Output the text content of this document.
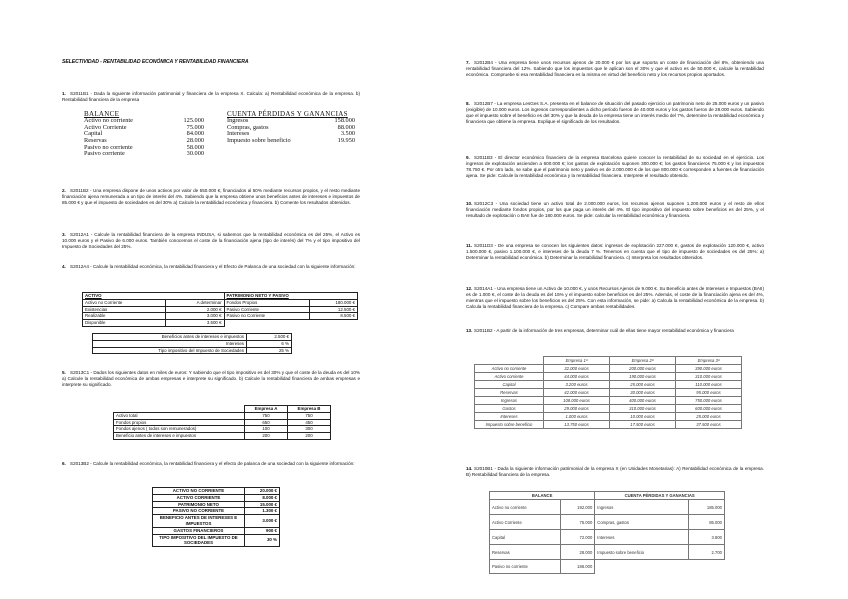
SELECTIVIDAD - RENTABILIDAD ECONÓMICA Y RENTABILIDAD FINANCIERA
1. S2011B1 - Dada la siguiente información patrimonial y financiera de la empresa X. Calcula: a) Rentabilidad económica de la empresa. b) Rentabilidad financiera de la empresa
BALANCE	
Activo no corriente	125.000
Activo Corriente	75.000
Capital	84.000
Reservas	28.000
Pasivo no corriente	58.000
Pasivo corriente	30.000
CUENTA PÉRDIDAS Y GANANCIAS	
Ingresos	158.000
Compras, gastos	88.000
Intereses	3.500
Impuesto sobre beneficio	19.950
2. S2011B2 - Una empresa dispone de unos activos por valor de 550.000 €, financiados al 50% mediante recursos propios, y el resto mediante financiación ajena remunerada a un tipo de interés del 4%. Sabiendo que la empresa obtiene unos beneficios antes de intereses e impuestos de 85.000 € y que el impuesto de sociedades es del 30% a) Calcule la rentabilidad económica y financiera. b) Comente los resultados obtenidos.
3. S2012A1 - Calcule la rentabilidad financiera de la empresa INDUSA, si sabemos que la rentabilidad económica es del 25%, el Activo es 10.000 euros y el Pasivo de 6.000 euros. También conocemos el coste de la financiación ajena (tipo de interés) del 7% y el tipo impositivo del Impuesto de Sociedades del 25%.
4. S2012A4 - Calcule la rentabilidad económica, la rentabilidad financiera y el Efecto de Palanca de una sociedad con la siguiente información:
ACTIVO		PATRIMONIO NETO Y PASIVO	
Activo no Corriente	A determinar	Fondos Propios	180.000 €
Existencias	2.000 €	Pasivo Corriente	12.500 €
Realizable	3.000 €	Pasivo no Corriente	8.500 €
Disponible	3.500 €		
Beneficios antes de intereses e impuestos	2.500 €
Intereses	6 %
Tipo impositivo del Impuesto de Sociedades	25 %
5. S2013C1 - Dados los siguientes datos en miles de euros: Y sabiendo que el tipo impositivo es del 30% y que el coste de la deuda es del 10% a) Calcule la rentabilidad económica de ambas empresas e interprete su significado. b) Calcule la rentabilidad financiera de ambas empresas e interprete su significado.
	Empresa A	Empresa B
Activo total	750	750
Fondos propios	650	450
Fondos ajenos ( todos son remunerados)	100	300
Beneficio antes de intereses e impuestos	200	200
6. S2013B2 - Calcule la rentabilidad económica, la rentabilidad financiera y el efecto de palanca de una sociedad con la siguiente información:
ACTIVO NO CORRIENTE	20.000 €
ACTIVO CORRIENTE	8.000 €
PATRIMONIO NETO	15.000 €
PASIVO NO CORRIENTE	1.300 €
BENEFICIO ANTES DE INTERESES E IMPUESTOS	3.000 €
GASTOS FINANCIEROS	900 €
TIPO IMPOSITIVO DEL IMPUESTO DE SOCIEDADES	30 %
7. S2012B4 - Una empresa tiene unos recursos ajenos de 20.000 € por los que soporta un coste de financiación del 8%, obteniendo una rentabilidad financiera del 12%. Sabiendo que los impuestos que le aplican son el 30% y que el activo es de 50.000 €, calcule la rentabilidad económica. Compruebe si esa rentabilidad financiera es la misma en virtud del beneficio neto y los recursos propios aportados.
8. S2012B7 - La empresa LesGes S.A. presenta en el balance de situación del pasado ejercicio un patrimonio neto de 25.000 euros y un pasivo (exigible) de 10.000 euros. Los ingresos correspondientes a dicho período fueron de 40.000 euros y los gastos fueron de 28.000 euros. Sabiendo que el impuesto sobre el beneficio es del 30% y que la deuda de la empresa tiene un interés medio del 7%, determine la rentabilidad económica y financiera que obtiene la empresa. Explique el significado de los resultados.
9. S2011B3 - El director económico financiero de la empresa Barcelona quiere conocer la rentabilidad de su sociedad en el ejercicio. Los ingresos de explotación ascienden a 600.000 €; los gastos de explotación suponen 300.000 €; los gastos financieros 75.000 € y los impuestos 78.750 €. Por otro lado, se sabe que el patrimonio neto y pasivo es de 2.000.000 € de los que 800.000 € corresponden a fuentes de financiación ajena. Se pide: Calcule la rentabilidad económica y la rentabilidad financiera. Interprete el resultado obtenido.
10. S2012C3 - Una sociedad tiene un activo total de 2.000.000 euros, los recursos ajenos suponen 1.200.000 euros y el resto de ellos financiación mediante fondos propios, por los que paga un interés del 4%. El tipo impositivo del impuesto sobre beneficios es del 25%, y el resultado de explotación o BAII fue de 180.000 euros. Se pide: calcular la rentabilidad económica y financiera.
11. S2011D3 - De una empresa se conocen los siguientes datos: ingresos de explotación 227.000 €, gastos de explotación 120.000 €, activo 1.500.000 €, pasivo 1.100.000 €, e intereses de la deuda 7 %. Tenemos en cuenta que el tipo de impuesto de sociedades es del 25%: a) Determinar la rentabilidad económica. b) Determinar la rentabilidad financiera. c) Interpreta los resultados obtenidos.
12. S2014A1 - Una empresa tiene un Activo de 10.000 €, y unos Recursos Ajenos de 9.000 €. Su Beneficio antes de Intereses e Impuestos (BAII) es de 1.000 €, el coste de la deuda es del 15% y el impuesto sobre beneficios es del 25%. Además, el coste de la financiación ajena es del 4%, mientras que el impuesto sobre los beneficios es del 25%. Con esta información, se pide: a) Calcula la rentabilidad económica de la empresa. b) Calcula la rentabilidad financiera de la empresa. c) Compare ambas rentabilidades.
13. S2011B2 - A partir de la información de tres empresas, determinar cuál de ellas tiene mayor rentabilidad económica y financiera
	Empresa 1ª	Empresa 2ª	Empresa 3ª
Activo no corriente	32.000 euros	200.000 euros	390.000 euros
Activo corriente	44.000 euros	190.000 euros	310.000 euros
Capital	3.200 euros	25.000 euros	110.000 euros
Reservas	42.000 euros	30.000 euros	95.000 euros
Ingresos	108.000 euros	400.000 euros	750.000 euros
Gastos	29.000 euros	310.000 euros	600.000 euros
Intereses	1.000 euros	10.000 euros	25.000 euros
Impuesto sobre beneficio	13.750 euros	17.500 euros	37.500 euros
14. S2010B1 - Dada la siguiente información patrimonial de la empresa X (en Unidades Monetarias): A) Rentabilidad económica de la empresa. B) Rentabilidad financiera de la empresa.
BALANCE		CUENTA PÉRDIDAS Y GANANCIAS	
Activo no corriente	192.000	Ingresos	185.000
Activo Corriente	75.000	Compras, gastos	85.000
Capital	72.000	Intereses	3.800
Reservas	28.000	Impuesto sobre beneficio	2.700
Pasivo no corriente	186.000		
